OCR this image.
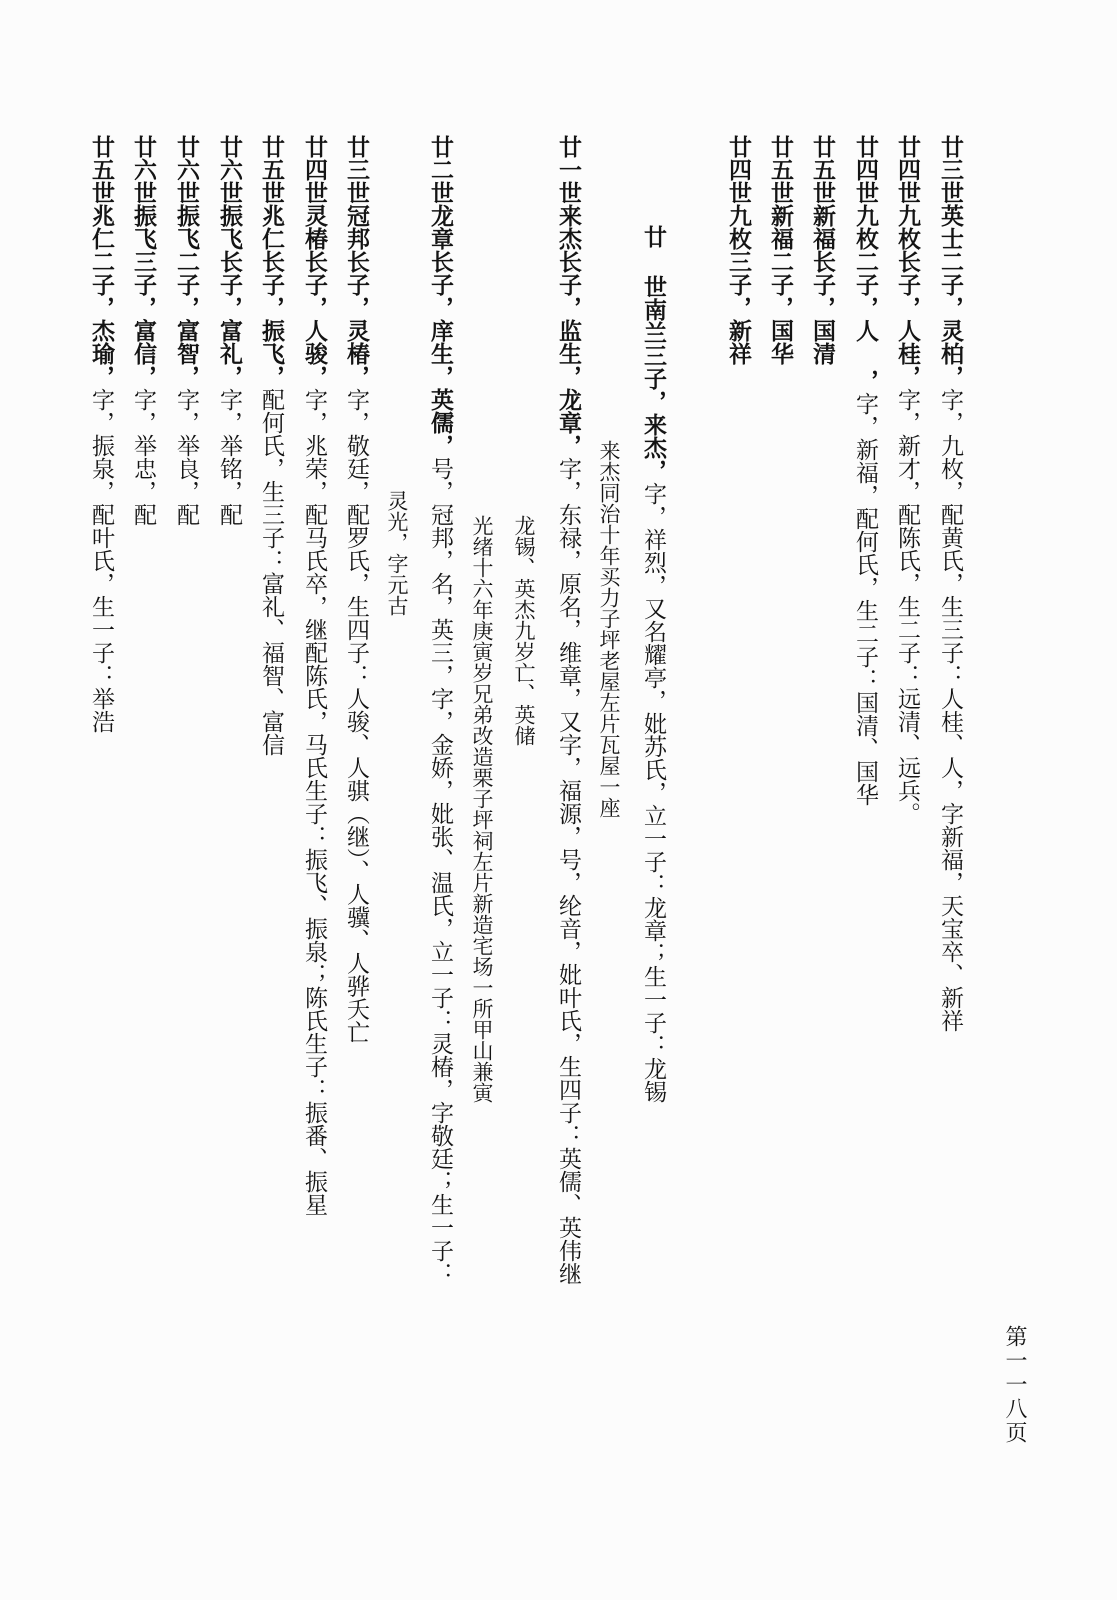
第一一八页
廿三世英士二子，灵柏，字，九枚，配黄氏，生三子：人桂、人，字新福，天宝卒、新祥
廿四世九枚长子，人桂，字，新才，配陈氏，生二子：远清、远兵。
廿四世九枚二子，人 ，字，新福，配何氏，生二子：国清、国华
廿五世新福长子，国清
廿五世新福二子，国华
廿四世九枚三子，新祥
廿 世南兰三子，来杰，字，祥烈，又名耀亭，妣苏氏，立一子：龙章；生一子：龙锡
来杰同治十年买力子坪老屋左片瓦屋一座
廿一世来杰长子，监生，龙章，字，东禄，原名，维章，又字，福源，号，纶音，妣叶氏，生四子：英儒、英伟继
龙锡、英杰九岁亡、英储
光绪十六年庚寅岁兄弟改造栗子坪祠左片新造宅场一所甲山兼寅
廿二世龙章长子，庠生，英儒，号，冠邦，名，英三，字，金娇，妣张、温氏，立一子：灵椿，字敬廷；生一子：
灵光，字元古
廿三世冠邦长子，灵椿，字，敬廷，配罗氏，生四子：人骏、人骐（继）、人骥、人骅夭亡
廿四世灵椿长子，人骏，字，兆荣，配马氏卒，继配陈氏，马氏生子：振飞、振泉；陈氏生子：振番、振星
廿五世兆仁长子，振飞，配何氏，生三子：富礼、福智、富信
廿六世振飞长子，富礼，字，举铭，配
廿六世振飞二子，富智，字，举良，配
廿六世振飞三子，富信，字，举忠，配
廿五世兆仁二子，杰瑜，字，振泉，配叶氏，生一子：举浩
